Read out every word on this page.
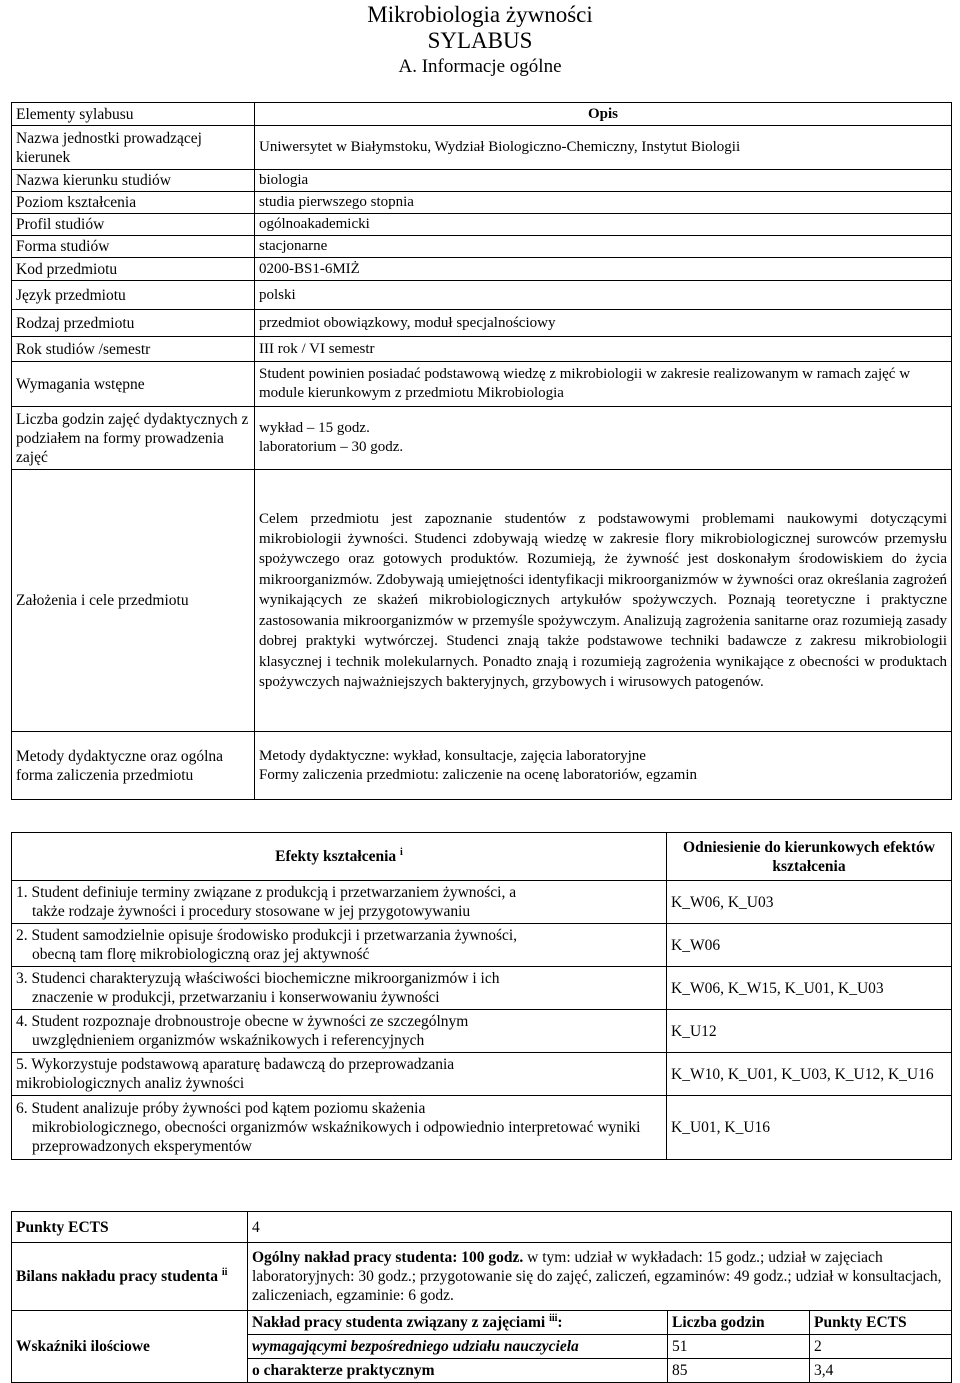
Mikrobiologia żywności
SYLABUS
A. Informacje ogólne
Elementy sylabusu	Opis
Nazwa jednostki prowadzącej kierunek	Uniwersytet w Białymstoku, Wydział Biologiczno-Chemiczny, Instytut Biologii
Nazwa kierunku studiów	biologia
Poziom kształcenia	studia pierwszego stopnia
Profil studiów	ogólnoakademicki
Forma studiów	stacjonarne
Kod przedmiotu	0200-BS1-6MIŻ
Język przedmiotu	polski
Rodzaj przedmiotu	przedmiot obowiązkowy, moduł specjalnościowy
Rok studiów /semestr	III rok / VI semestr
Wymagania wstępne	Student powinien posiadać podstawową wiedzę z mikrobiologii w zakresie realizowanym w ramach zajęć w module kierunkowym z przedmiotu Mikrobiologia
Liczba godzin zajęć dydaktycznych z podziałem na formy prowadzenia zajęć	wykład – 15 godz.
laboratorium – 30 godz.

Założenia i cele przedmiotu	Celem przedmiotu jest zapoznanie studentów z podstawowymi problemami naukowymi dotyczącymi mikrobiologii żywności. Studenci zdobywają wiedzę w zakresie flory mikrobiologicznej surowców przemysłu spożywczego oraz gotowych produktów. Rozumieją, że żywność jest doskonałym środowiskiem do życia mikroorganizmów. Zdobywają umiejętności identyfikacji mikroorganizmów w żywności oraz określania zagrożeń wynikających ze skażeń mikrobiologicznych artykułów spożywczych. Poznają teoretyczne i praktyczne zastosowania mikroorganizmów w przemyśle spożywczym. Analizują zagrożenia sanitarne oraz rozumieją zasady dobrej praktyki wytwórczej. Studenci znają także podstawowe techniki badawcze z zakresu mikrobiologii klasycznej i technik molekularnych. Ponadto znają i rozumieją zagrożenia wynikające z obecności w produktach spożywczych najważniejszych bakteryjnych, grzybowych i wirusowych patogenów.
Metody dydaktyczne oraz ogólna forma zaliczenia przedmiotu	Metody dydaktyczne: wykład, konsultacje, zajęcia laboratoryjne
Formy zaliczenia przedmiotu: zaliczenie na ocenę laboratoriów, egzamin
Efekty kształcenia $^i$	Odniesienie do kierunkowych efektów kształcenia
1. Student definiuje terminy związane z produkcją i przetwarzaniem żywności, a
także rodzaje żywności i procedury stosowane w jej przygotowywaniu	K_W06, K_U03
2. Student samodzielnie opisuje środowisko produkcji i przetwarzania żywności,
obecną tam florę mikrobiologiczną oraz jej aktywność	K_W06
3. Studenci charakteryzują właściwości biochemiczne mikroorganizmów i ich
znaczenie w produkcji, przetwarzaniu i konserwowaniu żywności	K_W06, K_W15, K_U01, K_U03
4. Student rozpoznaje drobnoustroje obecne w żywności ze szczególnym
uwzględnieniem organizmów wskaźnikowych i referencyjnych	K_U12
5. Wykorzystuje podstawową aparaturę badawczą do przeprowadzania
mikrobiologicznych analiz żywności	K_W10, K_U01, K_U03, K_U12, K_U16
6. Student analizuje próby żywności pod kątem poziomu skażenia
mikrobiologicznego, obecności organizmów wskaźnikowych i odpowiednio interpretować wyniki przeprowadzonych eksperymentów	K_U01, K_U16
Punkty ECTS	4		
Bilans nakładu pracy studenta $^{ii}$	Ogólny nakład pracy studenta: 100 godz. w tym: udział w wykładach: 15 godz.; udział w zajęciach laboratoryjnych: 30 godz.; przygotowanie się do zajęć, zaliczeń, egzaminów: 49 godz.; udział w konsultacjach, zaliczeniach, egzaminie: 6 godz.		
Wskaźniki ilościowe	Nakład pracy studenta związany z zajęciami $^{iii}$:	Liczba godzin	Punkty ECTS
	wymagającymi bezpośredniego udziału nauczyciela	51	2
	o charakterze praktycznym	85	3,4
